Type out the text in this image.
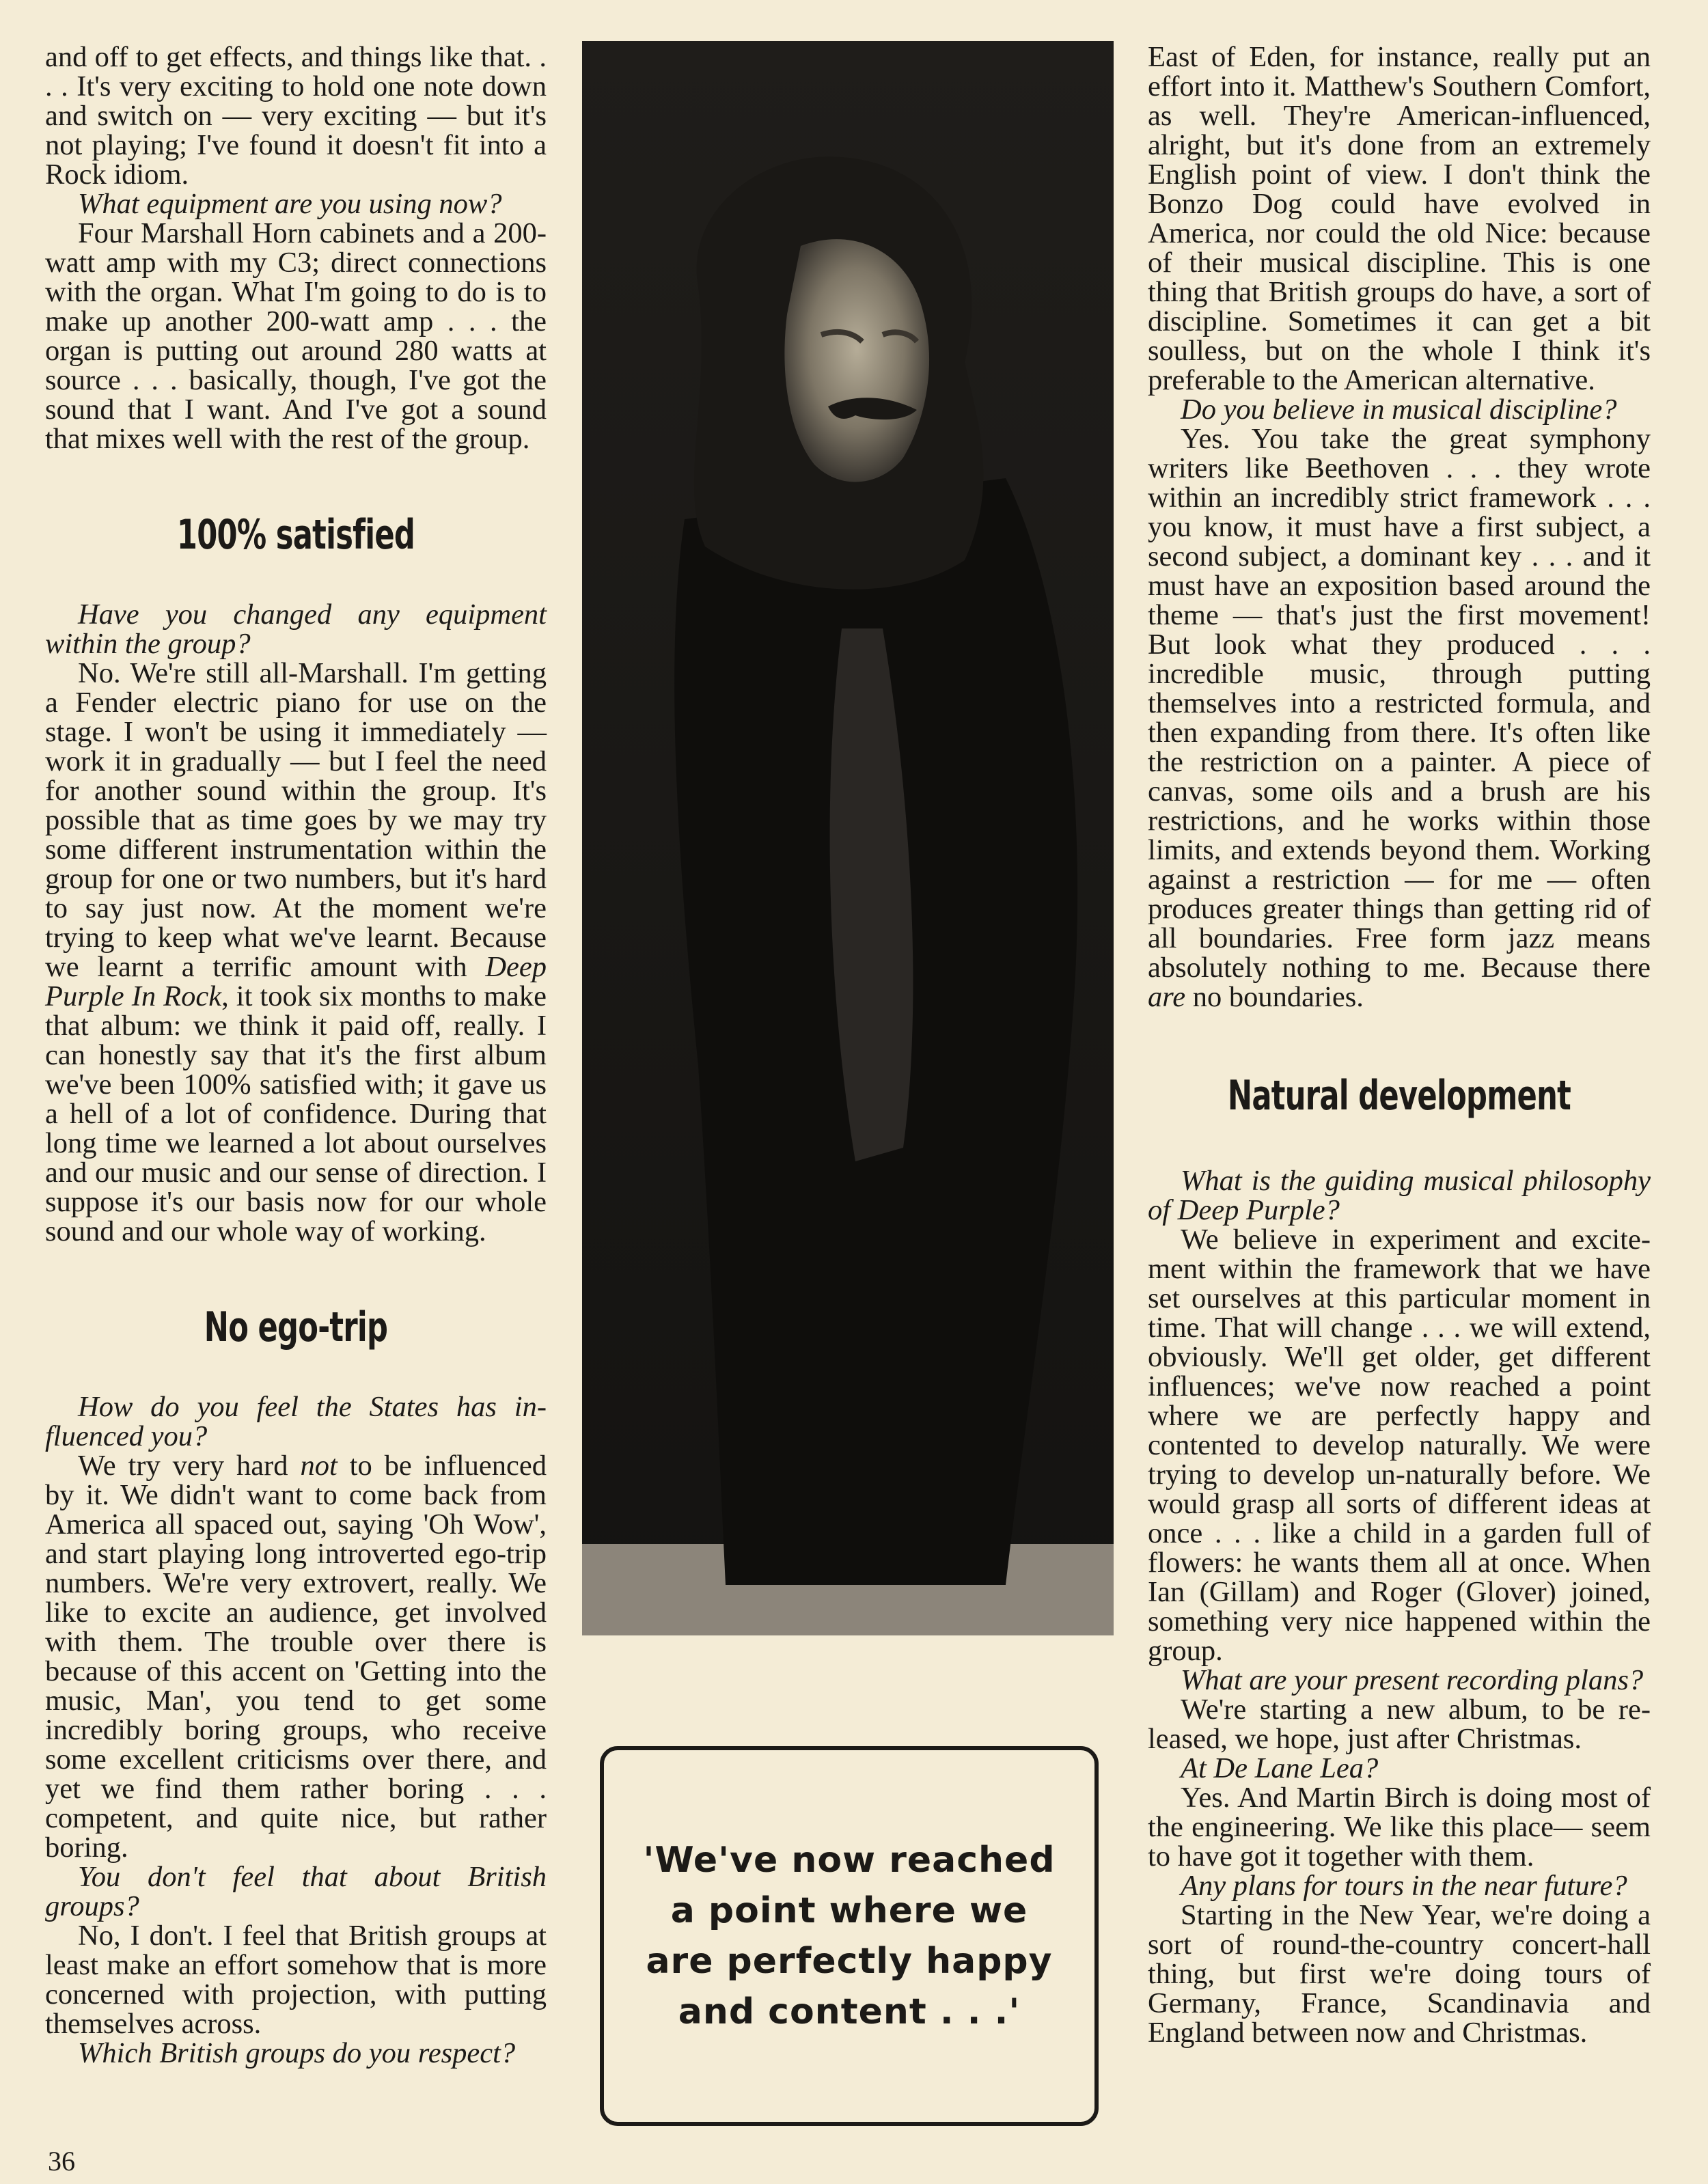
and off to get effects, and things like that. . . . It's very exciting to hold one note down and switch on — very exciting — but it's not playing; I've found it doesn't fit into a Rock idiom.

What equipment are you using now?

Four Marshall Horn cabinets and a 200-watt amp with my C3; direct connections with the organ. What I'm going to do is to make up another 200-watt amp . . . the organ is putting out around 280 watts at source . . . basically, though, I've got the sound that I want. And I've got a sound that mixes well with the rest of the group.

100% satisfied

Have you changed any equipment within the group?

No. We're still all-Marshall. I'm getting a Fender electric piano for use on the stage. I won't be using it immediately — work it in gradually — but I feel the need for another sound within the group. It's possible that as time goes by we may try some different instrumentation within the group for one or two numbers, but it's hard to say just now. At the moment we're trying to keep what we've learnt. Because we learnt a terrific amount with Deep Purple In Rock, it took six months to make that album: we think it paid off, really. I can honestly say that it's the first album we've been 100% satisfied with; it gave us a hell of a lot of confidence. During that long time we learned a lot about ourselves and our music and our sense of direction. I suppose it's our basis now for our whole sound and our whole way of working.

No ego-trip

How do you feel the States has influenced you?

We try very hard not to be influenced by it. We didn't want to come back from America all spaced out, saying 'Oh Wow', and start playing long introverted ego-trip numbers. We're very extrovert, really. We like to excite an audience, get involved with them. The trouble over there is because of this accent on 'Getting into the music, Man', you tend to get some incredibly boring groups, who receive some excellent criticisms over there, and yet we find them rather boring . . . competent, and quite nice, but rather boring.

You don't feel that about British groups?

No, I don't. I feel that British groups at least make an effort somehow that is more concerned with projection, with putting themselves across.

Which British groups do you respect?

'We've now reached a point where we are perfectly happy and content . . .'

East of Eden, for instance, really put an effort into it. Matthew's Southern Comfort, as well. They're American-influenced, alright, but it's done from an extremely English point of view. I don't think the Bonzo Dog could have evolved in America, nor could the old Nice: because of their musical discipline. This is one thing that British groups do have, a sort of discipline. Sometimes it can get a bit soulless, but on the whole I think it's preferable to the American alternative.

Do you believe in musical discipline?

Yes. You take the great symphony writers like Beethoven . . . they wrote within an incredibly strict framework . . . you know, it must have a first subject, a second subject, a dominant key . . . and it must have an exposition based around the theme — that's just the first movement! But look what they produced . . . incredible music, through putting themselves into a restricted formula, and then expanding from there. It's often like the restriction on a painter. A piece of canvas, some oils and a brush are his restrictions, and he works within those limits, and extends beyond them. Working against a restriction — for me — often produces greater things than getting rid of all boundaries. Free form jazz means absolutely nothing to me. Because there are no boundaries.

Natural development

What is the guiding musical philosophy of Deep Purple?

We believe in experiment and excitement within the framework that we have set ourselves at this particular moment in time. That will change . . . we will extend, obviously. We'll get older, get different influences; we've now reached a point where we are perfectly happy and contented to develop naturally. We were trying to develop un-naturally before. We would grasp all sorts of different ideas at once . . . like a child in a garden full of flowers: he wants them all at once. When Ian (Gillam) and Roger (Glover) joined, something very nice happened within the group.

What are your present recording plans?

We're starting a new album, to be released, we hope, just after Christmas.

At De Lane Lea?

Yes. And Martin Birch is doing most of the engineering. We like this place— seem to have got it together with them.

Any plans for tours in the near future?

Starting in the New Year, we're doing a sort of round-the-country concert-hall thing, but first we're doing tours of Germany, France, Scandinavia and England between now and Christmas.

36
